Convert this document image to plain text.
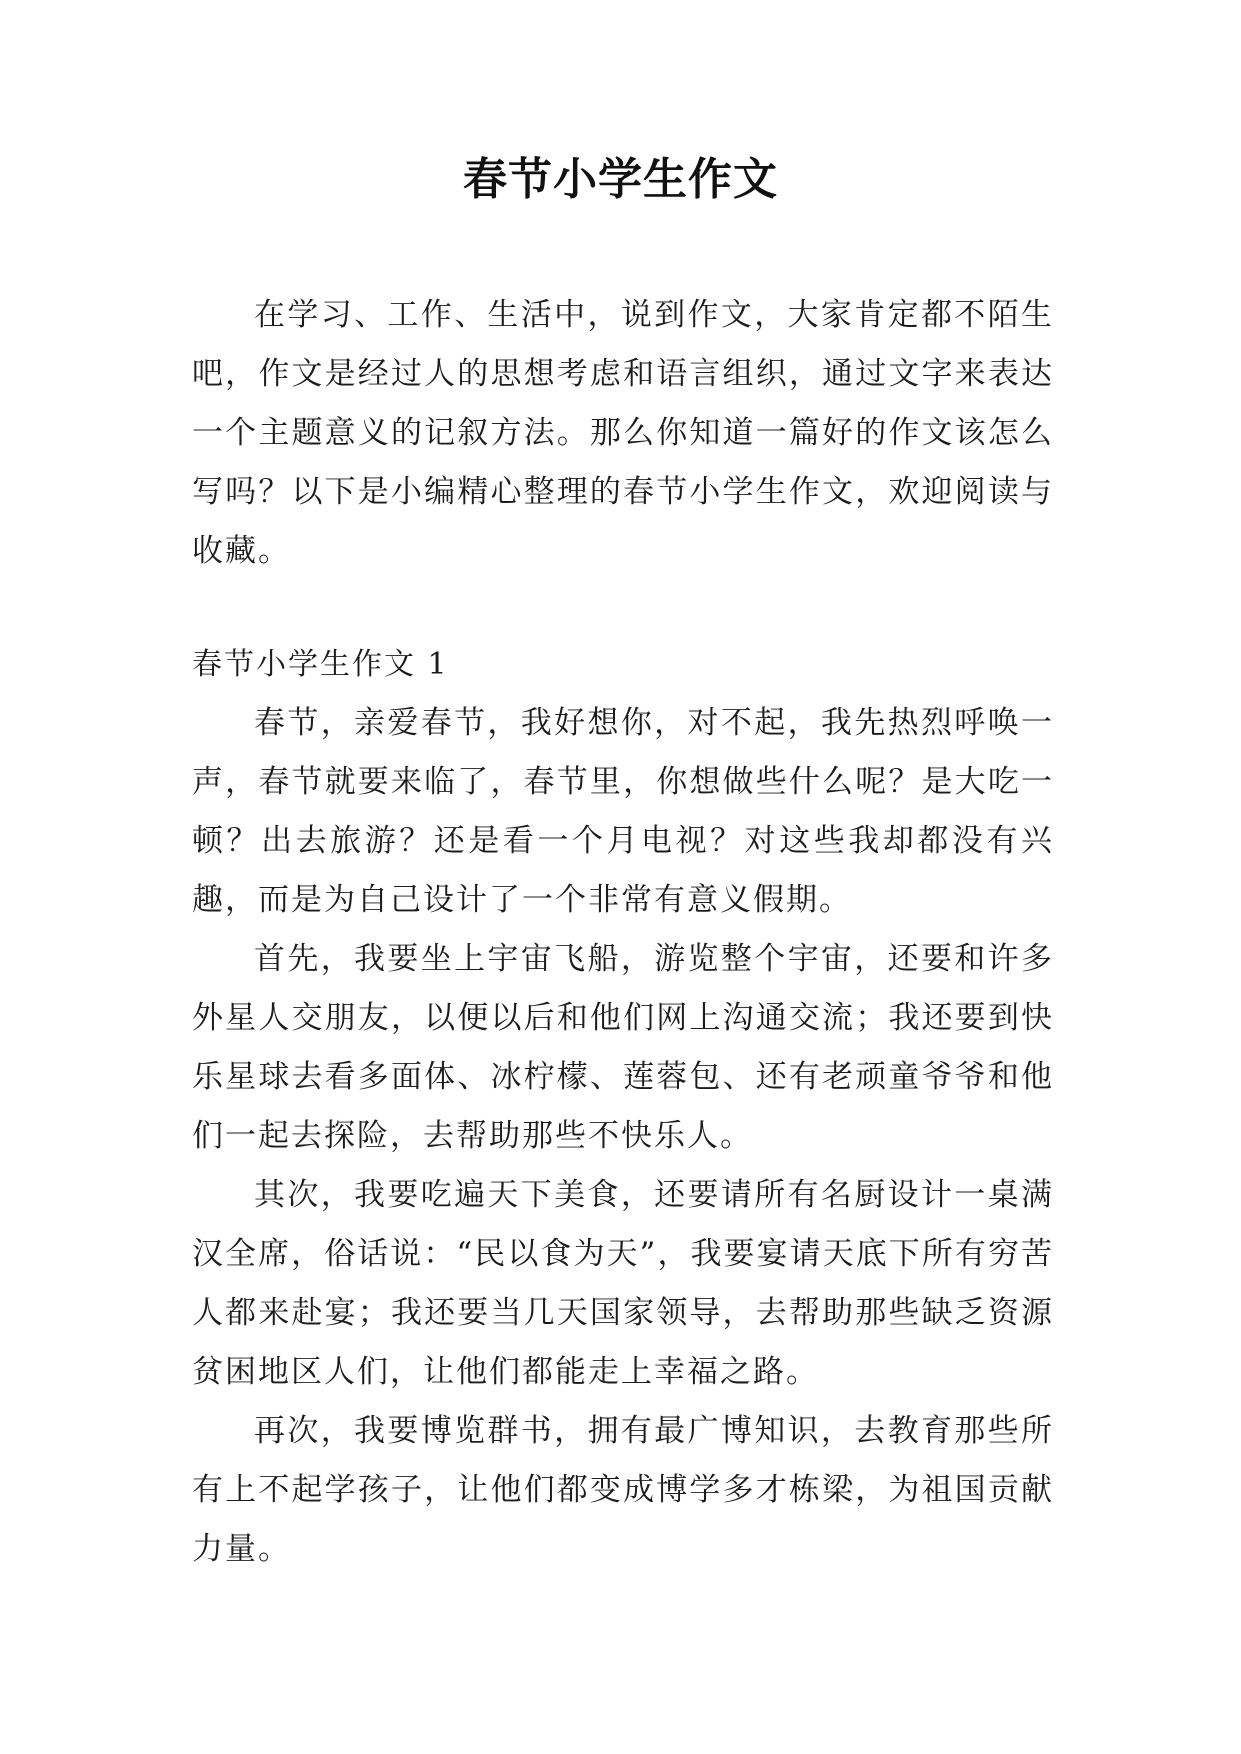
春节小学生作文

在学习、工作、生活中，说到作文，大家肯定都不陌生吧，作文是经过人的思想考虑和语言组织，通过文字来表达一个主题意义的记叙方法。那么你知道一篇好的作文该怎么写吗？以下是小编精心整理的春节小学生作文，欢迎阅读与收藏。

春节小学生作文 1

春节，亲爱春节，我好想你，对不起，我先热烈呼唤一声，春节就要来临了，春节里，你想做些什么呢？是大吃一顿？出去旅游？还是看一个月电视？对这些我却都没有兴趣，而是为自己设计了一个非常有意义假期。

首先，我要坐上宇宙飞船，游览整个宇宙，还要和许多外星人交朋友，以便以后和他们网上沟通交流；我还要到快乐星球去看多面体、冰柠檬、莲蓉包、还有老顽童爷爷和他们一起去探险，去帮助那些不快乐人。

其次，我要吃遍天下美食，还要请所有名厨设计一桌满汉全席，俗话说：“民以食为天”，我要宴请天底下所有穷苦人都来赴宴；我还要当几天国家领导，去帮助那些缺乏资源贫困地区人们，让他们都能走上幸福之路。

再次，我要博览群书，拥有最广博知识，去教育那些所有上不起学孩子，让他们都变成博学多才栋梁，为祖国贡献力量。
